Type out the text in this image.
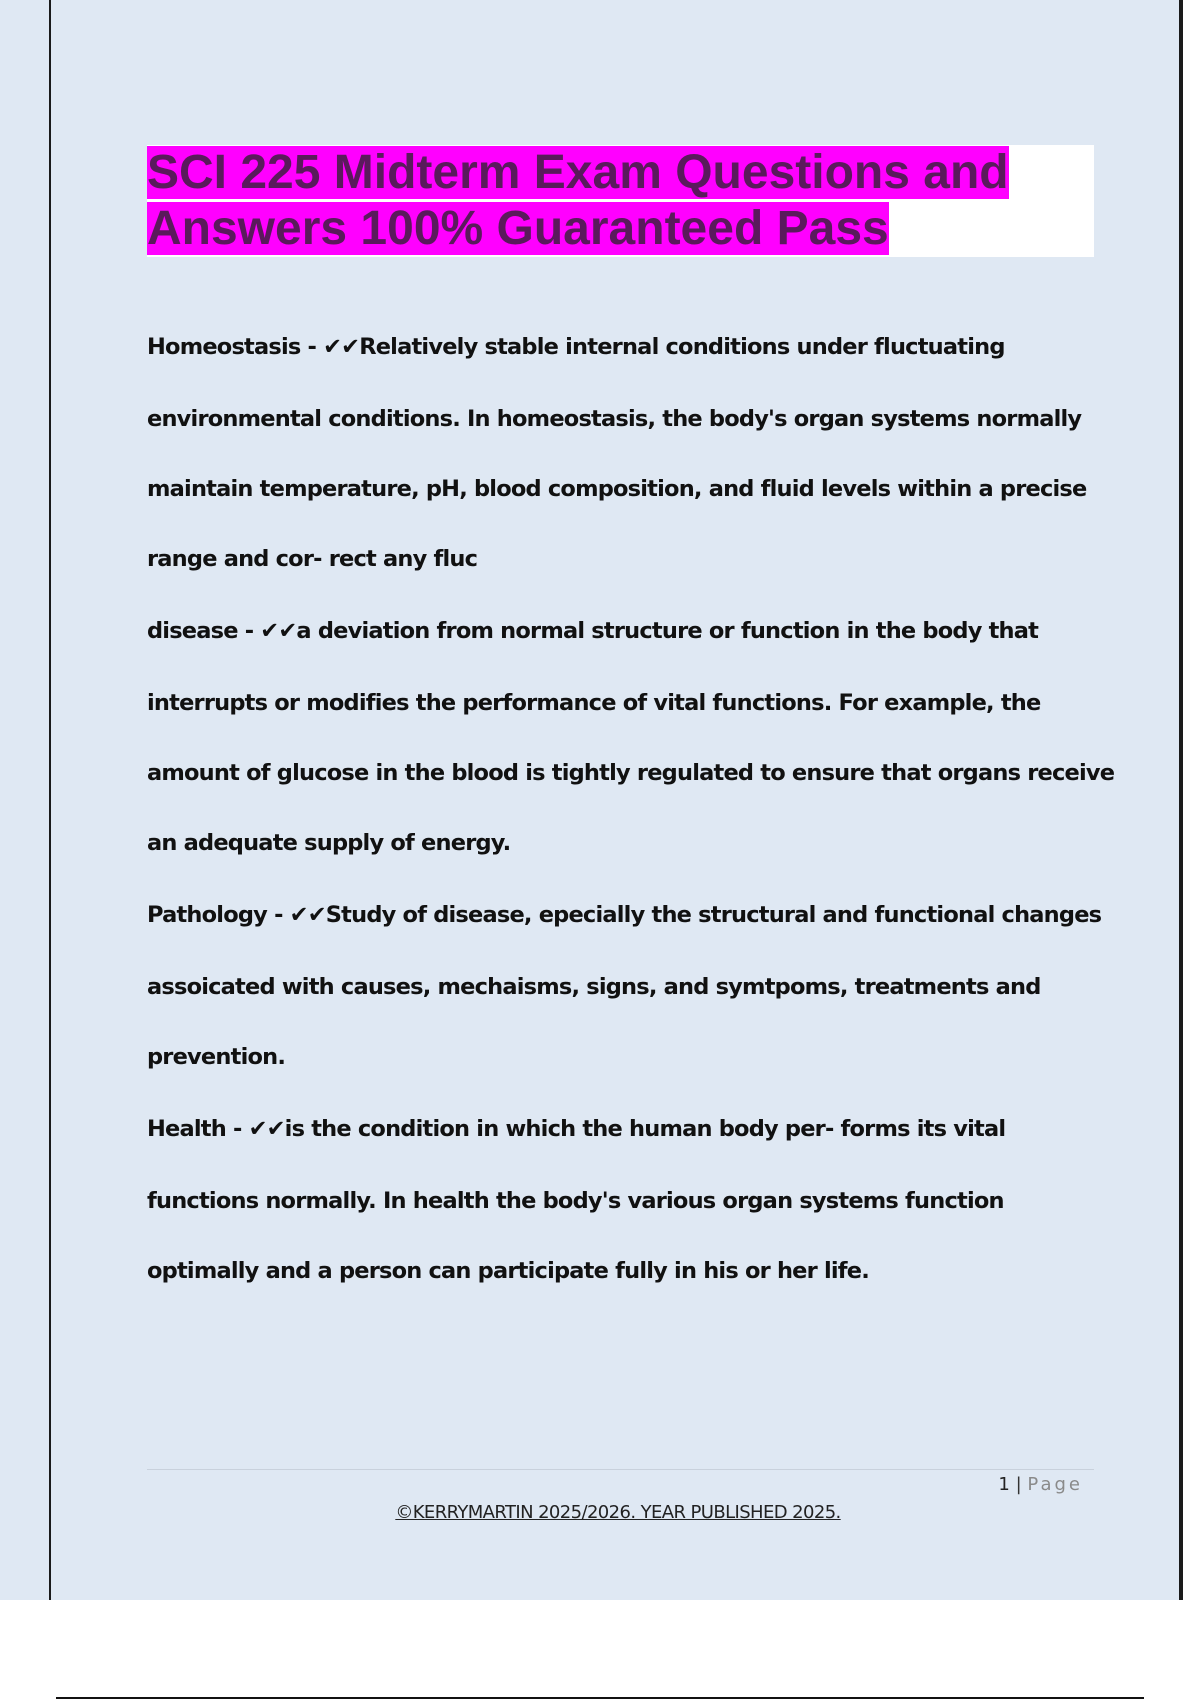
SCI 225 Midterm Exam Questions and
Answers 100% Guaranteed Pass

Homeostasis - ✔✔Relatively stable internal conditions under fluctuating

environmental conditions. In homeostasis, the body's organ systems normally

maintain temperature, pH, blood composition, and fluid levels within a precise

range and cor- rect any fluc

disease - ✔✔a deviation from normal structure or function in the body that

interrupts or modifies the performance of vital functions. For example, the

amount of glucose in the blood is tightly regulated to ensure that organs receive

an adequate supply of energy.

Pathology - ✔✔Study of disease, epecially the structural and functional changes

assoicated with causes, mechaisms, signs, and symtpoms, treatments and

prevention.

Health - ✔✔is the condition in which the human body per- forms its vital

functions normally. In health the body's various organ systems function

optimally and a person can participate fully in his or her life.

1 | Page
©KERRYMARTIN 2025/2026. YEAR PUBLISHED 2025.
